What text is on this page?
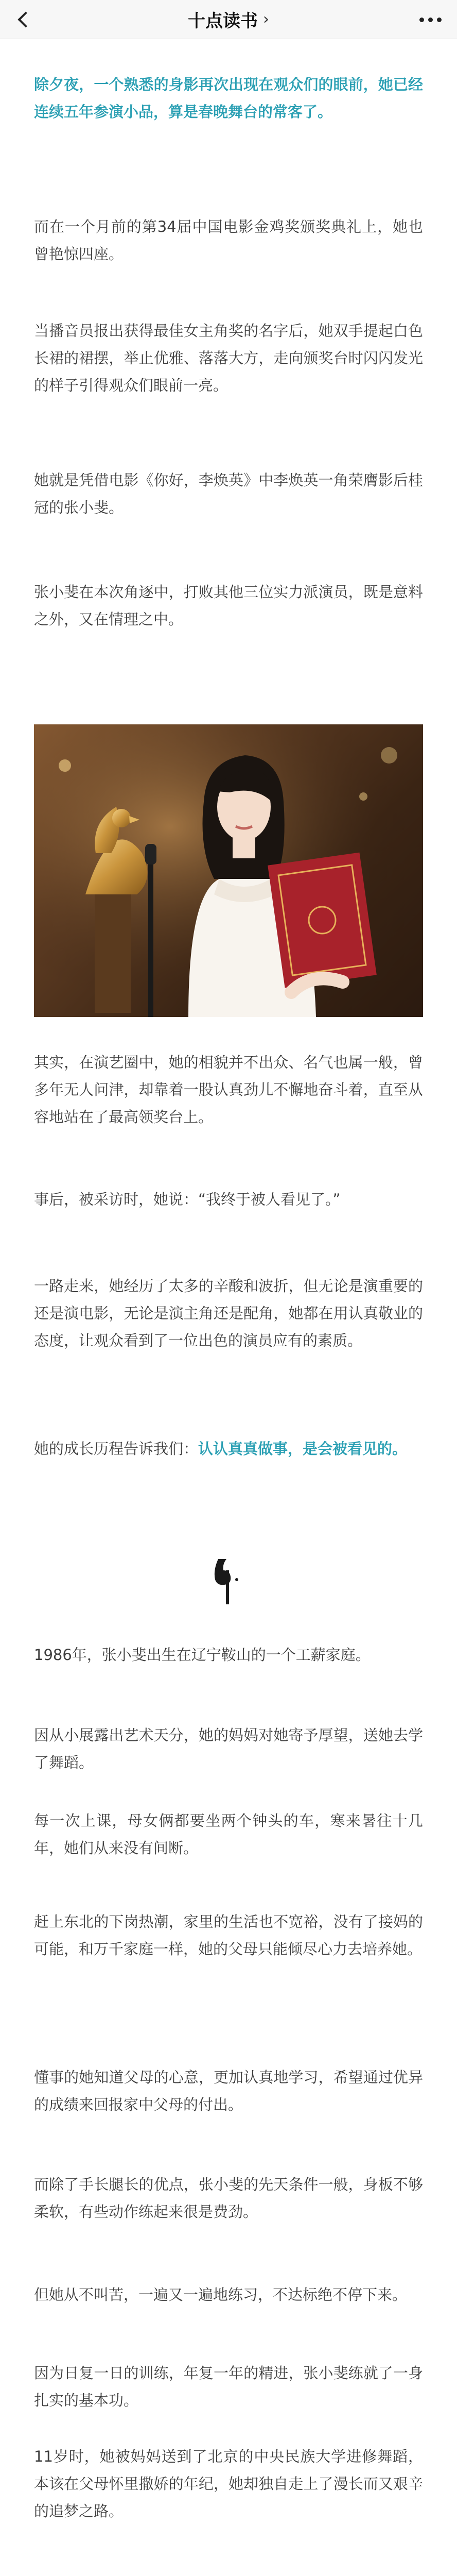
十点读书 ›

除夕夜，一个熟悉的身影再次出现在观众们的眼前，她已经连续五年参演小品，算是春晚舞台的常客了。

而在一个月前的第34届中国电影金鸡奖颁奖典礼上，她也曾艳惊四座。

当播音员报出获得最佳女主角奖的名字后，她双手提起白色长裙的裙摆，举止优雅、落落大方，走向颁奖台时闪闪发光的样子引得观众们眼前一亮。

她就是凭借电影《你好，李焕英》中李焕英一角荣膺影后桂冠的张小斐。

张小斐在本次角逐中，打败其他三位实力派演员，既是意料之外，又在情理之中。

其实，在演艺圈中，她的相貌并不出众、名气也属一般，曾多年无人问津，却靠着一股认真劲儿不懈地奋斗着，直至从容地站在了最高领奖台上。

事后，被采访时，她说：“我终于被人看见了。”

一路走来，她经历了太多的辛酸和波折，但无论是演重要的还是演电影，无论是演主角还是配角，她都在用认真敬业的态度，让观众看到了一位出色的演员应有的素质。

她的成长历程告诉我们：认认真真做事，是会被看见的。

1986年，张小斐出生在辽宁鞍山的一个工薪家庭。

因从小展露出艺术天分，她的妈妈对她寄予厚望，送她去学了舞蹈。

每一次上课，母女俩都要坐两个钟头的车，寒来暑往十几年，她们从来没有间断。

赶上东北的下岗热潮，家里的生活也不宽裕，没有了接妈的可能，和万千家庭一样，她的父母只能倾尽心力去培养她。

懂事的她知道父母的心意，更加认真地学习，希望通过优异的成绩来回报家中父母的付出。

而除了手长腿长的优点，张小斐的先天条件一般，身板不够柔软，有些动作练起来很是费劲。

但她从不叫苦，一遍又一遍地练习，不达标绝不停下来。

因为日复一日的训练，年复一年的精进，张小斐练就了一身扎实的基本功。

11岁时，她被妈妈送到了北京的中央民族大学进修舞蹈，本该在父母怀里撒娇的年纪，她却独自走上了漫长而又艰辛的追梦之路。
